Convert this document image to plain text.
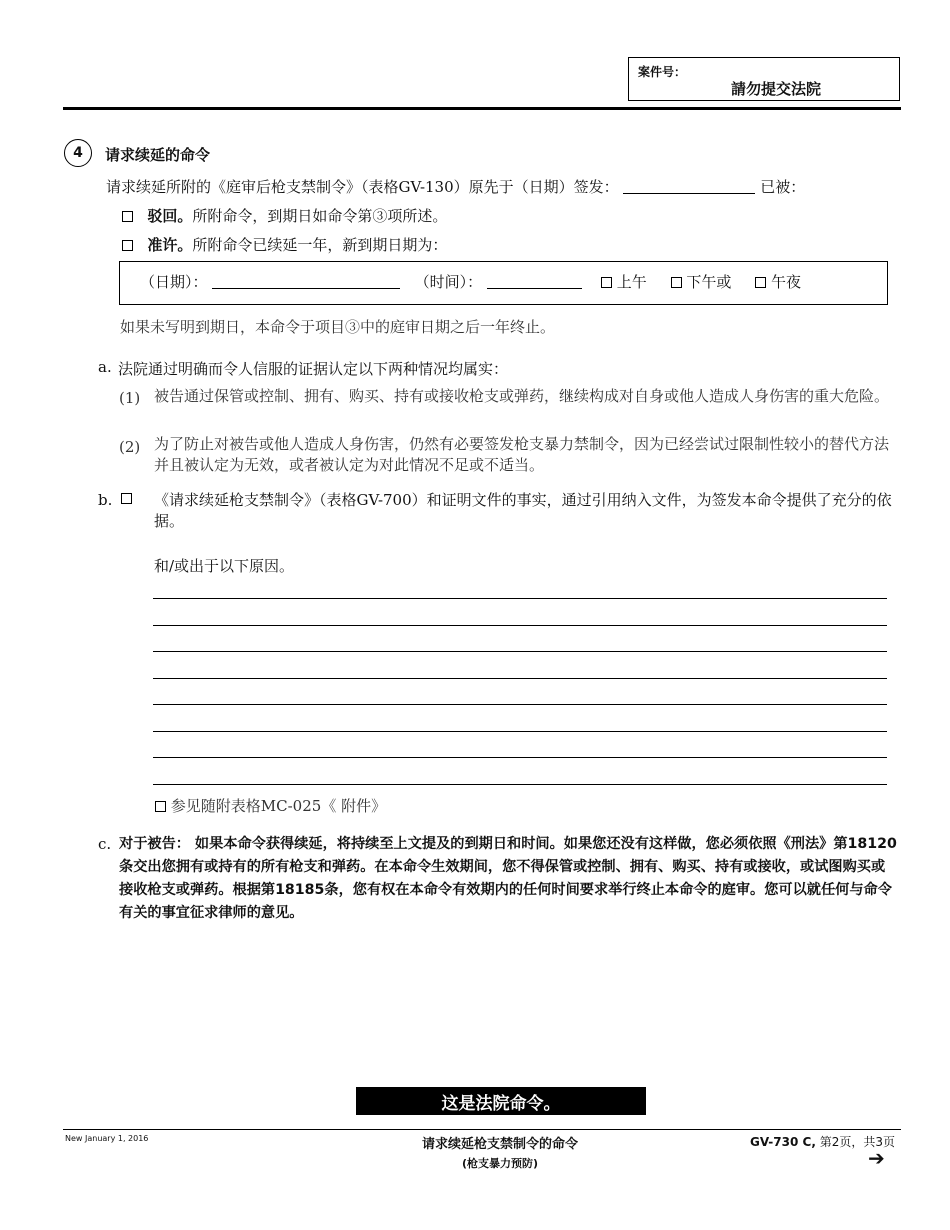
案件号：
請勿提交法院
4	请求续延的命令
请求续延所附的《庭审后枪支禁制令》（表格GV-130）原先于（日期）签发：	已被：
驳回。所附命令，到期日如命令第③项所述。
准许。所附命令已续延一年，新到期日期为：
（日期）：	（时间）：	上午	下午或	午夜
如果未写明到期日，本命令于项目③中的庭审日期之后一年终止。
a. 法院通过明确而令人信服的证据认定以下两种情况均属实：
(1) 被告通过保管或控制、拥有、购买、持有或接收枪支或弹药，继续构成对自身或他人造成人身伤害的重大危险。
(2) 为了防止对被告或他人造成人身伤害，仍然有必要签发枪支暴力禁制令，因为已经尝试过限制性较小的替代方法并且被认定为无效，或者被认定为对此情况不足或不适当。
b.	《请求续延枪支禁制令》（表格GV-700）和证明文件的事实，通过引用纳入文件，为签发本命令提供了充分的依据。
和/或出于以下原因。
参见随附表格MC-025《 附件》
c. 对于被告： 如果本命令获得续延，将持续至上文提及的到期日和时间。如果您还没有这样做，您必须依照《刑法》第18120条交出您拥有或持有的所有枪支和弹药。在本命令生效期间，您不得保管或控制、拥有、购买、持有或接收，或试图购买或接收枪支或弹药。根据第18185条，您有权在本命令有效期内的任何时间要求举行终止本命令的庭审。您可以就任何与命令有关的事宜征求律师的意见。
这是法院命令。
New January 1, 2016	请求续延枪支禁制令的命令
(枪支暴力预防)
GV-730 C, 第2页，共3页
➔
